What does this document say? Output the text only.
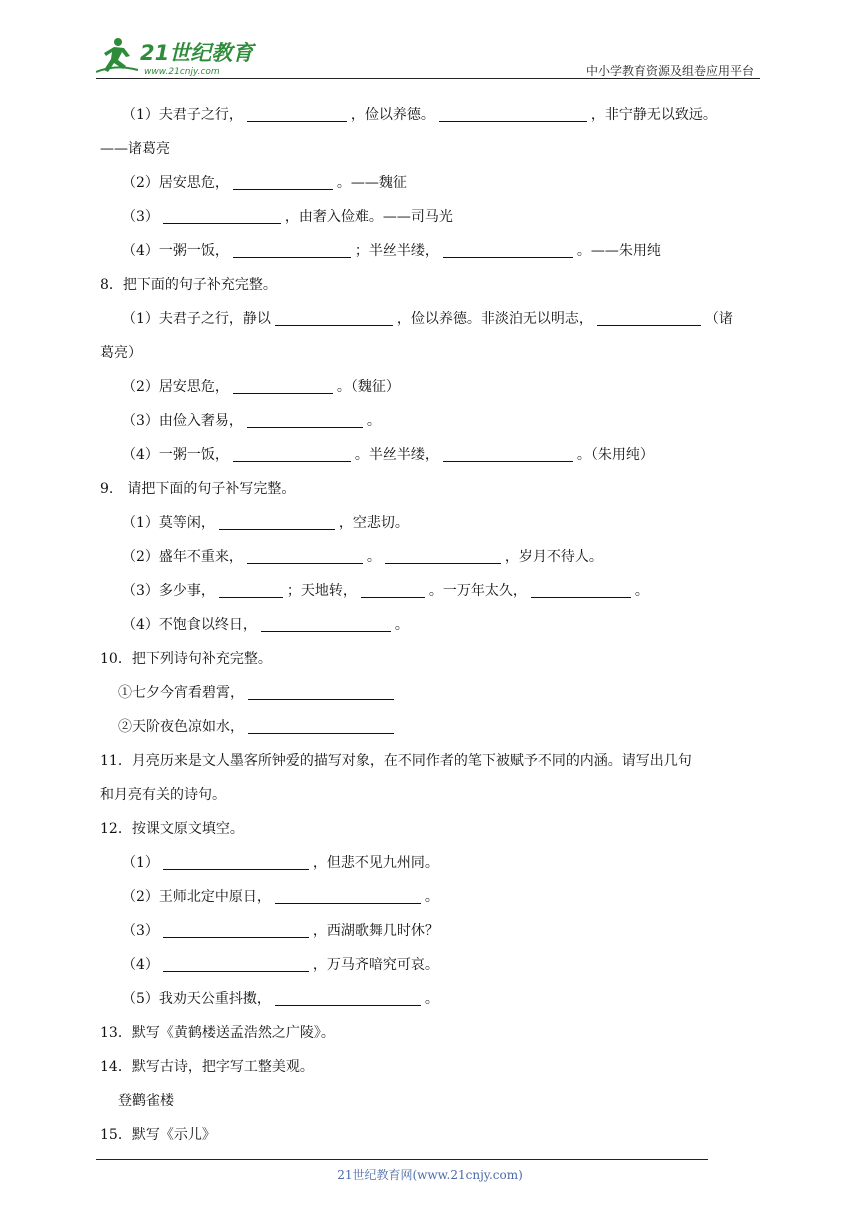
21世纪教育
www.21cnjy.com	中小学教育资源及组卷应用平台
（1）夫君子之行，	，俭以养德。	，非宁静无以致远。
——诸葛亮
（2）居安思危，	。——魏征
（3）	，由奢入俭难。——司马光
（4）一粥一饭，	；半丝半缕，	。——朱用纯
8．把下面的句子补充完整。
（1）夫君子之行，静以	，俭以养德。非淡泊无以明志，	（诸
葛亮）
（2）居安思危，	。（魏征）
（3）由俭入奢易，	。
（4）一粥一饭，	。半丝半缕，	。（朱用纯）
9.　请把下面的句子补写完整。
（1）莫等闲，	，空悲切。
（2）盛年不重来，	。	，岁月不待人。
（3）多少事，	；天地转，	。一万年太久，	。
（4）不饱食以终日，	。
10．把下列诗句补充完整。
①七夕今宵看碧霄，
②天阶夜色凉如水，
11．月亮历来是文人墨客所钟爱的描写对象，在不同作者的笔下被赋予不同的内涵。请写出几句
和月亮有关的诗句。
12．按课文原文填空。
（1）	，但悲不见九州同。
（2）王师北定中原日，	。
（3）	，西湖歌舞几时休？
（4）	，万马齐喑究可哀。
（5）我劝天公重抖擞，	。
13．默写《黄鹤楼送孟浩然之广陵》。
14．默写古诗，把字写工整美观。
登鹳雀楼
15．默写《示儿》
21世纪教育网(www.21cnjy.com)
